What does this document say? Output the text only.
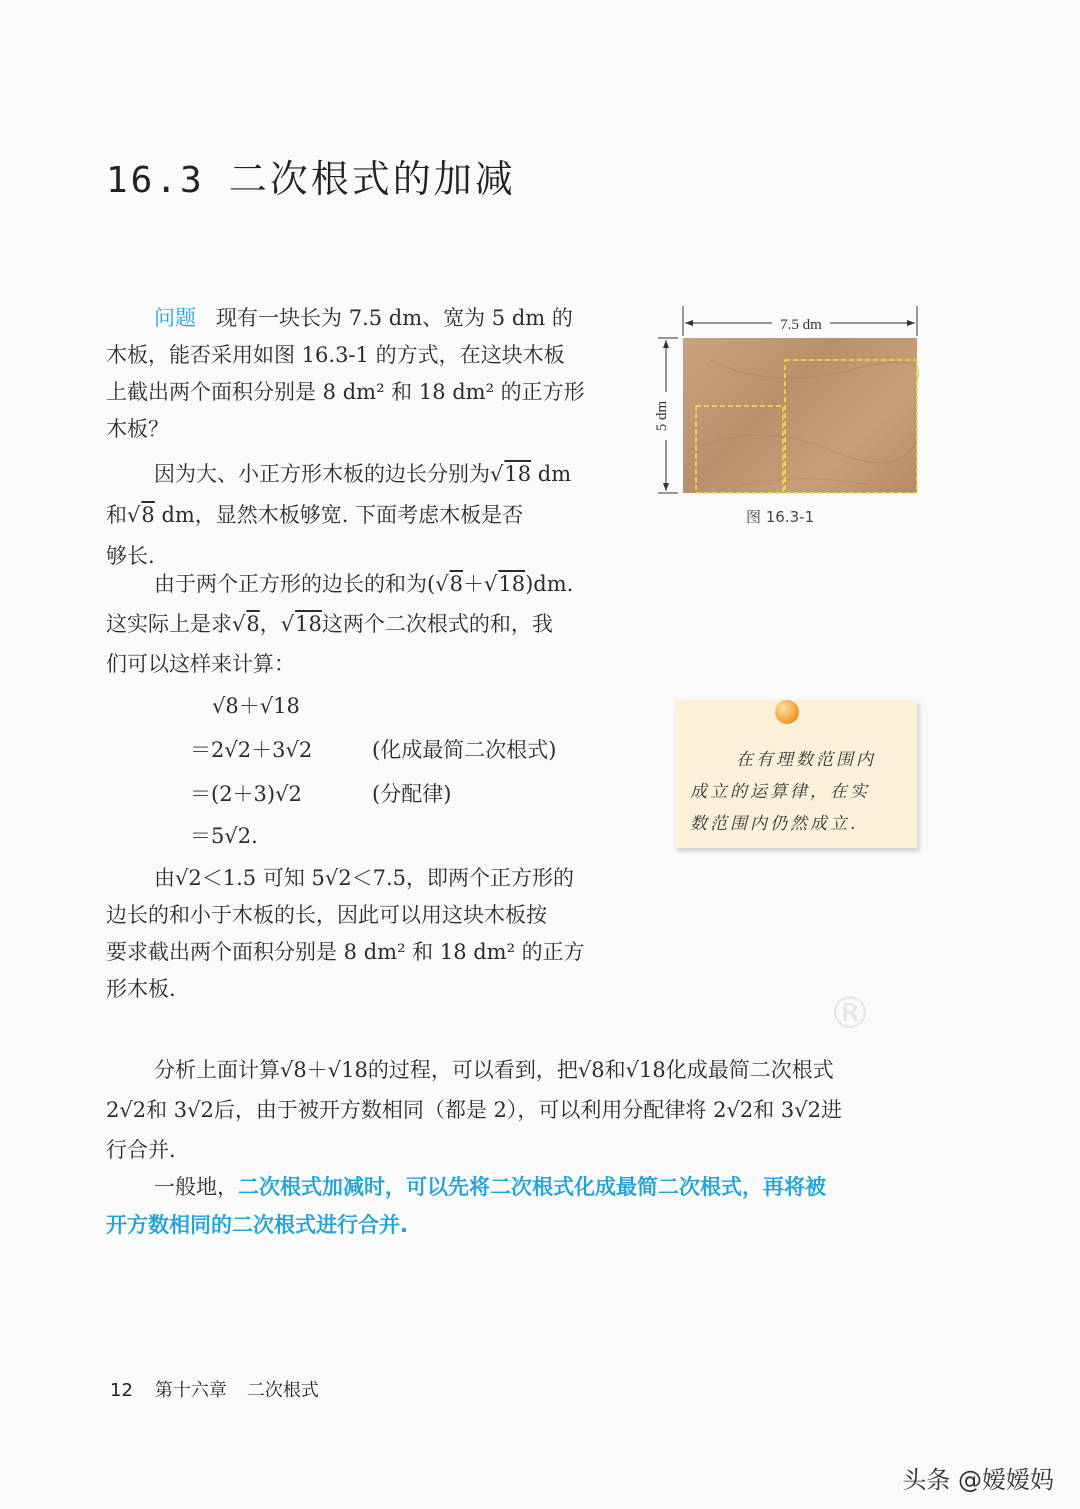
16.3 二次根式的加减
问题 现有一块长为 7.5 dm、宽为 5 dm 的
木板，能否采用如图 16.3-1 的方式，在这块木板
上截出两个面积分别是 8 dm² 和 18 dm² 的正方形
木板？
因为大、小正方形木板的边长分别为 √ 18 dm
和 √ 8 dm，显然木板够宽. 下面考虑木板是否
够长.
由于两个正方形的边长的和为( √ 8＋ √ 18)dm.
这实际上是求 √ 8， √ 18这两个二次根式的和，我
们可以这样来计算：
√8＋√18
＝2√2＋3√2	(化成最简二次根式)
＝(2＋3)√2	(分配律)
＝5√2.
由√2＜1.5 可知 5√2＜7.5，即两个正方形的
边长的和小于木板的长，因此可以用这块木板按
要求截出两个面积分别是 8 dm² 和 18 dm² 的正方
形木板.
分析上面计算√8＋√18的过程，可以看到，把√8和√18化成最简二次根式
2√2和 3√2后，由于被开方数相同（都是 2），可以利用分配律将 2√2和 3√2进
行合并.
一般地，二次根式加减时，可以先将二次根式化成最简二次根式，再将被
开方数相同的二次根式进行合并.
7.5 dm
5 dm
图 16.3-1
在有理数范围内
成立的运算律，在实
数范围内仍然成立.
®
12 第十六章 二次根式
头条 @嫒嫒妈
